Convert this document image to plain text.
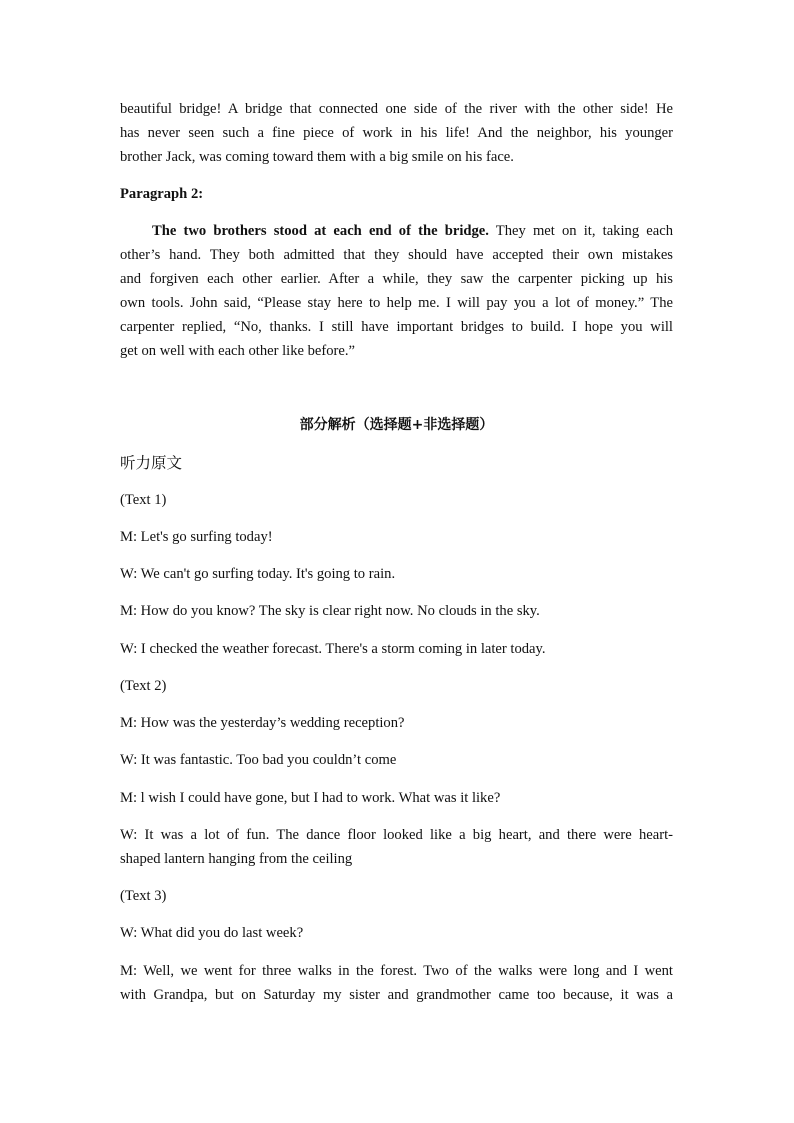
beautiful bridge! A bridge that connected one side of the river with the other side! He
has never seen such a fine piece of work in his life! And the neighbor, his younger
brother Jack, was coming toward them with a big smile on his face.
Paragraph 2:
The two brothers stood at each end of the bridge. They met on it, taking each
other’s hand. They both admitted that they should have accepted their own mistakes
and forgiven each other earlier. After a while, they saw the carpenter picking up his
own tools. John said, “Please stay here to help me. I will pay you a lot of money.” The
carpenter replied, “No, thanks. I still have important bridges to build. I hope you will
get on well with each other like before.”
部分解析（选择题+非选择题）
听力原文
(Text 1)
M: Let's go surfing today!
W: We can't go surfing today. It's going to rain.
M: How do you know? The sky is clear right now. No clouds in the sky.
W: I checked the weather forecast. There's a storm coming in later today.
(Text 2)
M: How was the yesterday’s wedding reception?
W: It was fantastic. Too bad you couldn’t come
M: l wish I could have gone, but I had to work. What was it like?
W: It was a lot of fun. The dance floor looked like a big heart, and there were heart-
shaped lantern hanging from the ceiling
(Text 3)
W: What did you do last week?
M: Well, we went for three walks in the forest. Two of the walks were long and I went
with Grandpa, but on Saturday my sister and grandmother came too because, it was a
